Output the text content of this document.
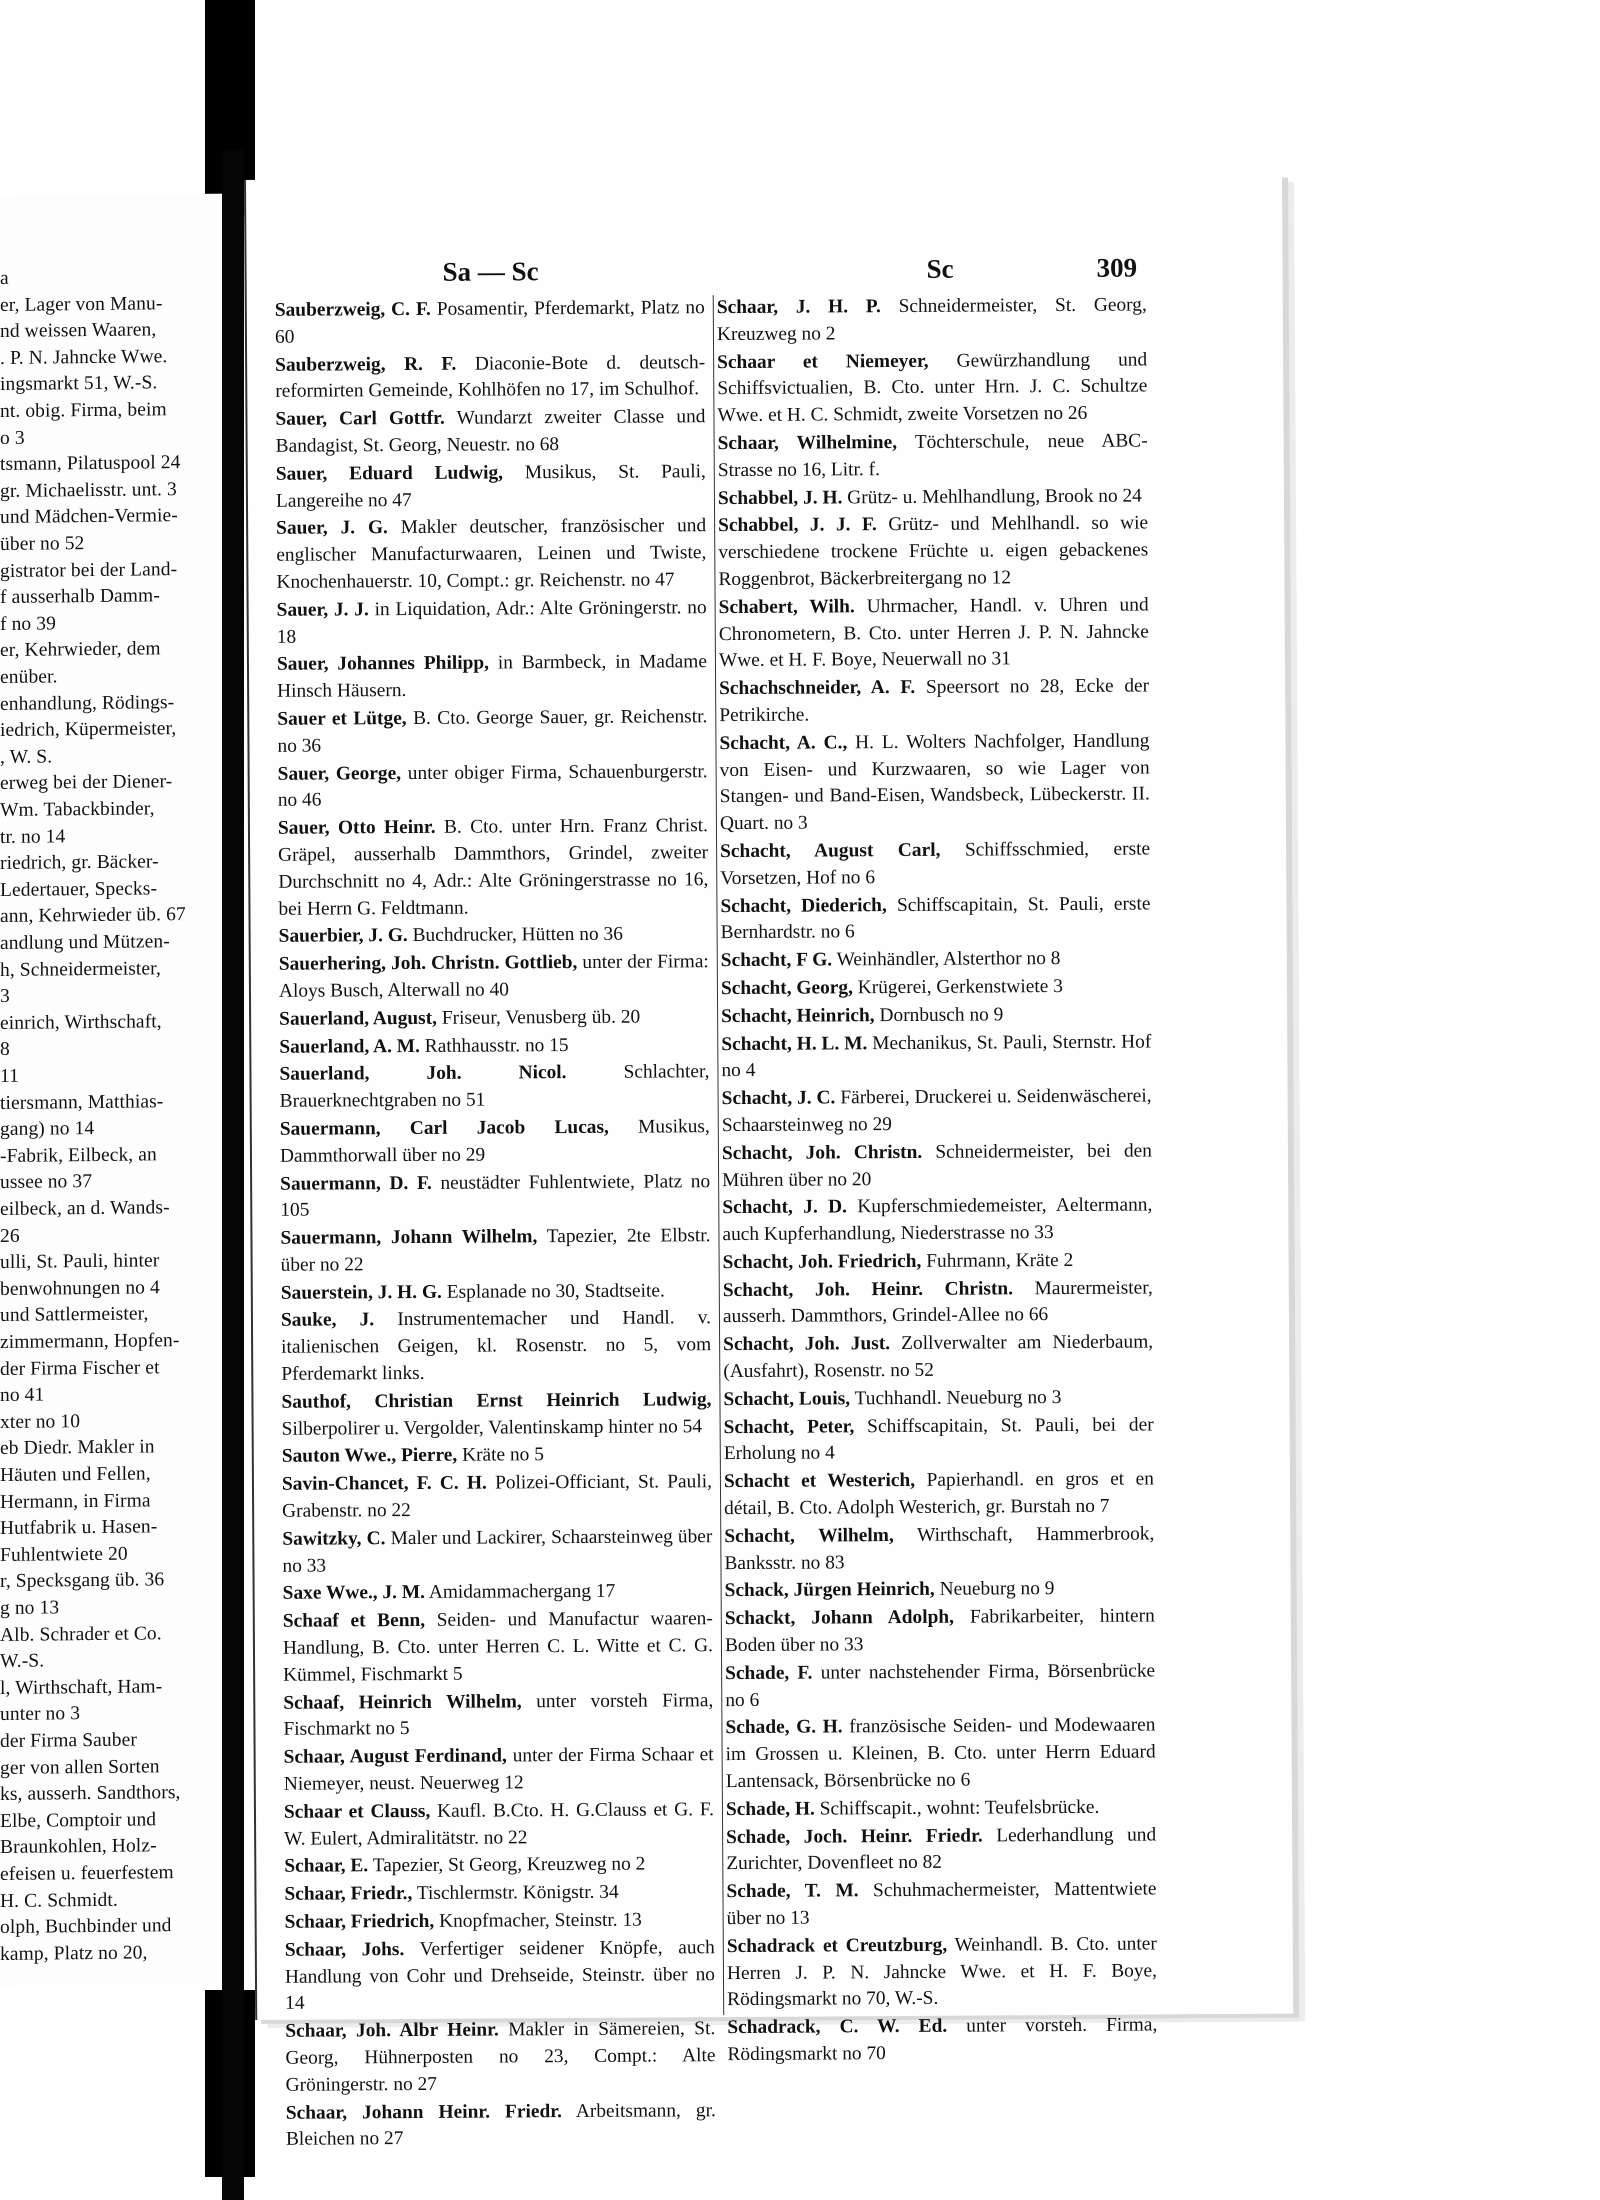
a
er, Lager von Manu-
nd weissen Waaren,
. P. N. Jahncke Wwe.
ingsmarkt 51, W.-S.
nt. obig. Firma, beim
o 3
tsmann, Pilatuspool 24
gr. Michaelisstr. unt. 3
und Mädchen-Vermie-
über no 52
gistrator bei der Land-
f ausserhalb Damm-
f no 39
er, Kehrwieder, dem
enüber.
enhandlung, Rödings-
iedrich, Küpermeister,
, W. S.
erweg bei der Diener-
Wm. Tabackbinder,
tr. no 14
riedrich, gr. Bäcker-
Ledertauer, Specks-
ann, Kehrwieder üb. 67
andlung und Mützen-
h, Schneidermeister,
3
einrich, Wirthschaft,
8
11
tiersmann, Matthias-
gang) no 14
-Fabrik, Eilbeck, an
ussee no 37
eilbeck, an d. Wands-
26
ulli, St. Pauli, hinter
benwohnungen no 4
und Sattlermeister,
zimmermann, Hopfen-
der Firma Fischer et
no 41
xter no 10
eb Diedr. Makler in
Häuten und Fellen,
Hermann, in Firma
Hutfabrik u. Hasen-
Fuhlentwiete 20
r, Specksgang üb. 36
g no 13
Alb. Schrader et Co.
W.-S.
l, Wirthschaft, Ham-
unter no 3
der Firma Sauber
ger von allen Sorten
ks, ausserh. Sandthors,
Elbe, Comptoir und
Braunkohlen, Holz-
efeisen u. feuerfestem
H. C. Schmidt.
olph, Buchbinder und
kamp, Platz no 20,
Sa — Sc	Sc	309
Sauberzweig, C. F. Posamentir, Pferdemarkt, Platz no 60
Sauberzweig, R. F. Diaconie-Bote d. deutsch-reformirten Gemeinde, Kohlhöfen no 17, im Schulhof.
Sauer, Carl Gottfr. Wundarzt zweiter Classe und Bandagist, St. Georg, Neuestr. no 68
Sauer, Eduard Ludwig, Musikus, St. Pauli, Langereihe no 47
Sauer, J. G. Makler deutscher, französischer und englischer Manufacturwaaren, Leinen und Twiste, Knochenhauerstr. 10, Compt.: gr. Reichenstr. no 47
Sauer, J. J. in Liquidation, Adr.: Alte Gröningerstr. no 18
Sauer, Johannes Philipp, in Barmbeck, in Madame Hinsch Häusern.
Sauer et Lütge, B. Cto. George Sauer, gr. Reichenstr. no 36
Sauer, George, unter obiger Firma, Schauenburgerstr. no 46
Sauer, Otto Heinr. B. Cto. unter Hrn. Franz Christ. Gräpel, ausserhalb Dammthors, Grindel, zweiter Durchschnitt no 4, Adr.: Alte Gröningerstrasse no 16, bei Herrn G. Feldtmann.
Sauerbier, J. G. Buchdrucker, Hütten no 36
Sauerhering, Joh. Christn. Gottlieb, unter der Firma: Aloys Busch, Alterwall no 40
Sauerland, August, Friseur, Venusberg üb. 20
Sauerland, A. M. Rathhausstr. no 15
Sauerland, Joh. Nicol. Schlachter, Brauerknechtgraben no 51
Sauermann, Carl Jacob Lucas, Musikus, Dammthorwall über no 29
Sauermann, D. F. neustädter Fuhlentwiete, Platz no 105
Sauermann, Johann Wilhelm, Tapezier, 2te Elbstr. über no 22
Sauerstein, J. H. G. Esplanade no 30, Stadtseite.
Sauke, J. Instrumentemacher und Handl. v. italienischen Geigen, kl. Rosenstr. no 5, vom Pferdemarkt links.
Sauthof, Christian Ernst Heinrich Ludwig, Silberpolirer u. Vergolder, Valentinskamp hinter no 54
Sauton Wwe., Pierre, Kräte no 5
Savin-Chancet, F. C. H. Polizei-Officiant, St. Pauli, Grabenstr. no 22
Sawitzky, C. Maler und Lackirer, Schaarsteinweg über no 33
Saxe Wwe., J. M. Amidammachergang 17
Schaaf et Benn, Seiden- und Manufactur waaren-Handlung, B. Cto. unter Herren C. L. Witte et C. G. Kümmel, Fischmarkt 5
Schaaf, Heinrich Wilhelm, unter vorsteh Firma, Fischmarkt no 5
Schaar, August Ferdinand, unter der Firma Schaar et Niemeyer, neust. Neuerweg 12
Schaar et Clauss, Kaufl. B.Cto. H. G.Clauss et G. F. W. Eulert, Admiralitätstr. no 22
Schaar, E. Tapezier, St Georg, Kreuzweg no 2
Schaar, Friedr., Tischlermstr. Königstr. 34
Schaar, Friedrich, Knopfmacher, Steinstr. 13
Schaar, Johs. Verfertiger seidener Knöpfe, auch Handlung von Cohr und Drehseide, Steinstr. über no 14
Schaar, Joh. Albr Heinr. Makler in Sämereien, St. Georg, Hühnerposten no 23, Compt.: Alte Gröningerstr. no 27
Schaar, Johann Heinr. Friedr. Arbeitsmann, gr. Bleichen no 27
Schaar, J. H. P. Schneidermeister, St. Georg, Kreuzweg no 2
Schaar et Niemeyer, Gewürzhandlung und Schiffsvictualien, B. Cto. unter Hrn. J. C. Schultze Wwe. et H. C. Schmidt, zweite Vorsetzen no 26
Schaar, Wilhelmine, Töchterschule, neue ABC-Strasse no 16, Litr. f.
Schabbel, J. H. Grütz- u. Mehlhandlung, Brook no 24
Schabbel, J. J. F. Grütz- und Mehlhandl. so wie verschiedene trockene Früchte u. eigen gebackenes Roggenbrot, Bäckerbreitergang no 12
Schabert, Wilh. Uhrmacher, Handl. v. Uhren und Chronometern, B. Cto. unter Herren J. P. N. Jahncke Wwe. et H. F. Boye, Neuerwall no 31
Schachschneider, A. F. Speersort no 28, Ecke der Petrikirche.
Schacht, A. C., H. L. Wolters Nachfolger, Handlung von Eisen- und Kurzwaaren, so wie Lager von Stangen- und Band-Eisen, Wandsbeck, Lübeckerstr. II. Quart. no 3
Schacht, August Carl, Schiffsschmied, erste Vorsetzen, Hof no 6
Schacht, Diederich, Schiffscapitain, St. Pauli, erste Bernhardstr. no 6
Schacht, F G. Weinhändler, Alsterthor no 8
Schacht, Georg, Krügerei, Gerkenstwiete 3
Schacht, Heinrich, Dornbusch no 9
Schacht, H. L. M. Mechanikus, St. Pauli, Sternstr. Hof no 4
Schacht, J. C. Färberei, Druckerei u. Seidenwäscherei, Schaarsteinweg no 29
Schacht, Joh. Christn. Schneidermeister, bei den Mühren über no 20
Schacht, J. D. Kupferschmiedemeister, Aeltermann, auch Kupferhandlung, Niederstrasse no 33
Schacht, Joh. Friedrich, Fuhrmann, Kräte 2
Schacht, Joh. Heinr. Christn. Maurermeister, ausserh. Dammthors, Grindel-Allee no 66
Schacht, Joh. Just. Zollverwalter am Niederbaum, (Ausfahrt), Rosenstr. no 52
Schacht, Louis, Tuchhandl. Neueburg no 3
Schacht, Peter, Schiffscapitain, St. Pauli, bei der Erholung no 4
Schacht et Westerich, Papierhandl. en gros et en détail, B. Cto. Adolph Westerich, gr. Burstah no 7
Schacht, Wilhelm, Wirthschaft, Hammerbrook, Banksstr. no 83
Schack, Jürgen Heinrich, Neueburg no 9
Schackt, Johann Adolph, Fabrikarbeiter, hintern Boden über no 33
Schade, F. unter nachstehender Firma, Börsenbrücke no 6
Schade, G. H. französische Seiden- und Modewaaren im Grossen u. Kleinen, B. Cto. unter Herrn Eduard Lantensack, Börsenbrücke no 6
Schade, H. Schiffscapit., wohnt: Teufelsbrücke.
Schade, Joch. Heinr. Friedr. Lederhandlung und Zurichter, Dovenfleet no 82
Schade, T. M. Schuhmachermeister, Mattentwiete über no 13
Schadrack et Creutzburg, Weinhandl. B. Cto. unter Herren J. P. N. Jahncke Wwe. et H. F. Boye, Rödingsmarkt no 70, W.-S.
Schadrack, C. W. Ed. unter vorsteh. Firma, Rödingsmarkt no 70
